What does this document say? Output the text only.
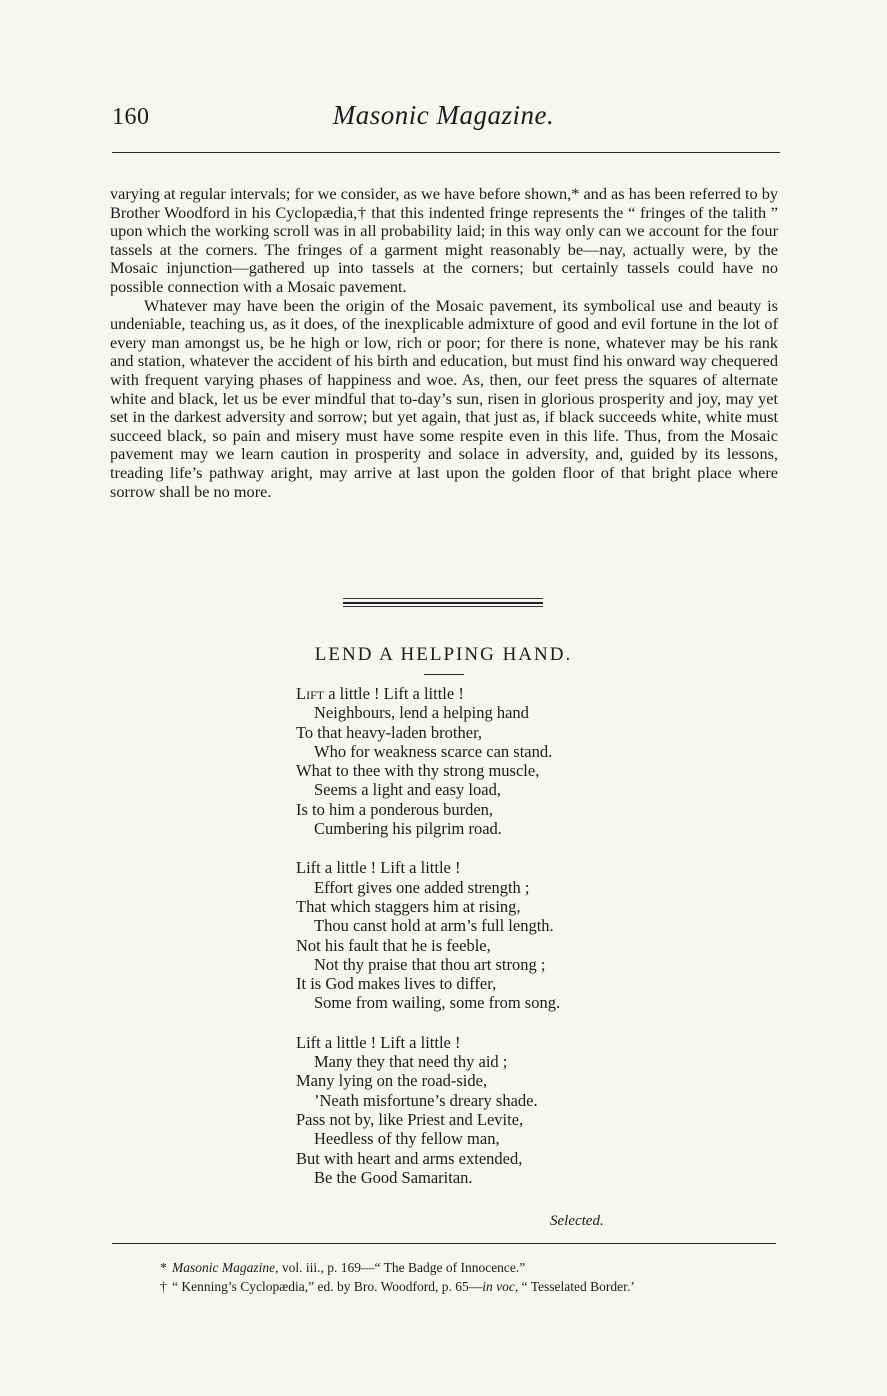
160	Masonic Magazine.

varying at regular intervals; for we consider, as we have before shown,* and as has been referred to by Brother Woodford in his Cyclopædia,† that this indented fringe represents the “ fringes of the talith ” upon which the working scroll was in all probability laid; in this way only can we account for the four tassels at the corners. The fringes of a garment might reasonably be—nay, actually were, by the Mosaic injunction—gathered up into tassels at the corners; but certainly tassels could have no possible connection with a Mosaic pavement.

Whatever may have been the origin of the Mosaic pavement, its symbolical use and beauty is undeniable, teaching us, as it does, of the inexplicable admixture of good and evil fortune in the lot of every man amongst us, be he high or low, rich or poor; for there is none, whatever may be his rank and station, whatever the accident of his birth and education, but must find his onward way chequered with frequent varying phases of happiness and woe. As, then, our feet press the squares of alternate white and black, let us be ever mindful that to-day’s sun, risen in glorious prosperity and joy, may yet set in the darkest adversity and sorrow; but yet again, that just as, if black succeeds white, white must succeed black, so pain and misery must have some respite even in this life. Thus, from the Mosaic pavement may we learn caution in prosperity and solace in adversity, and, guided by its lessons, treading life’s pathway aright, may arrive at last upon the golden floor of that bright place where sorrow shall be no more.

LEND A HELPING HAND.
Lift a little ! Lift a little !
Neighbours, lend a helping hand
To that heavy-laden brother,
Who for weakness scarce can stand.
What to thee with thy strong muscle,
Seems a light and easy load,
Is to him a ponderous burden,
Cumbering his pilgrim road.
Lift a little ! Lift a little !
Effort gives one added strength ;
That which staggers him at rising,
Thou canst hold at arm’s full length.
Not his fault that he is feeble,
Not thy praise that thou art strong ;
It is God makes lives to differ,
Some from wailing, some from song.
Lift a little ! Lift a little !
Many they that need thy aid ;
Many lying on the road-side,
’Neath misfortune’s dreary shade.
Pass not by, like Priest and Levite,
Heedless of thy fellow man,
But with heart and arms extended,
Be the Good Samaritan.
Selected.
* Masonic Magazine, vol. iii., p. 169—“ The Badge of Innocence.”
† “ Kenning’s Cyclopædia,” ed. by Bro. Woodford, p. 65—in voc, “ Tesselated Border.’
